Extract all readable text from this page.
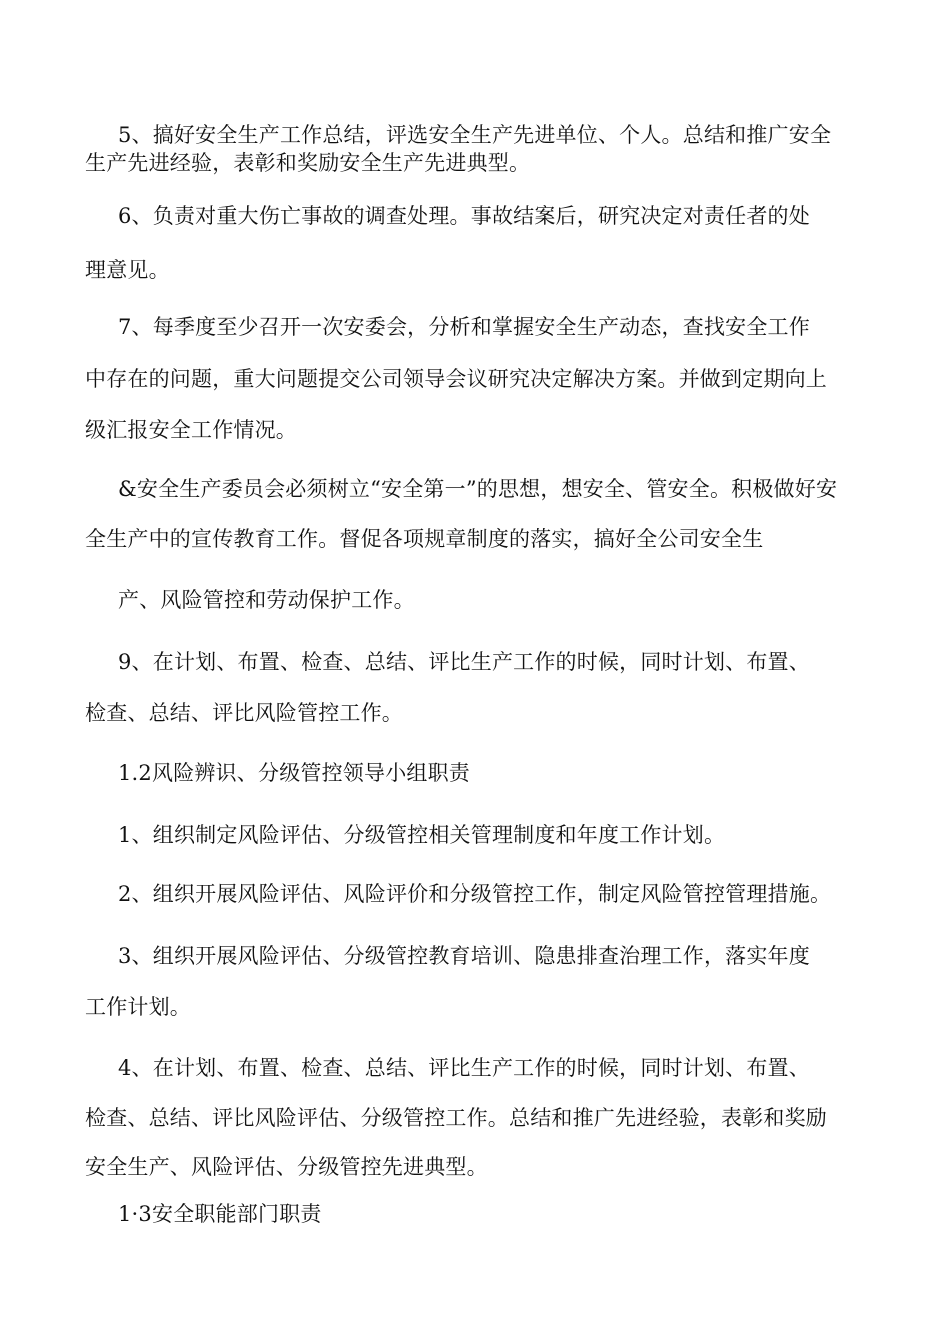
5、搞好安全生产工作总结，评选安全生产先进单位、个人。总结和推广安全
生产先进经验，表彰和奖励安全生产先进典型。
6、负责对重大伤亡事故的调查处理。事故结案后，研究决定对责任者的处
理意见。
7、每季度至少召开一次安委会，分析和掌握安全生产动态，查找安全工作
中存在的问题，重大问题提交公司领导会议研究决定解决方案。并做到定期向上
级汇报安全工作情况。
&安全生产委员会必须树立“安全第一”的思想，想安全、管安全。积极做好安
全生产中的宣传教育工作。督促各项规章制度的落实，搞好全公司安全生
产、风险管控和劳动保护工作。
9、在计划、布置、检查、总结、评比生产工作的时候，同时计划、布置、
检查、总结、评比风险管控工作。
1.2风险辨识、分级管控领导小组职责
1、组织制定风险评估、分级管控相关管理制度和年度工作计划。
2、组织开展风险评估、风险评价和分级管控工作，制定风险管控管理措施。
3、组织开展风险评估、分级管控教育培训、隐患排查治理工作，落实年度
工作计划。
4、在计划、布置、检查、总结、评比生产工作的时候，同时计划、布置、
检查、总结、评比风险评估、分级管控工作。总结和推广先进经验，表彰和奖励
安全生产、风险评估、分级管控先进典型。
1·3安全职能部门职责
